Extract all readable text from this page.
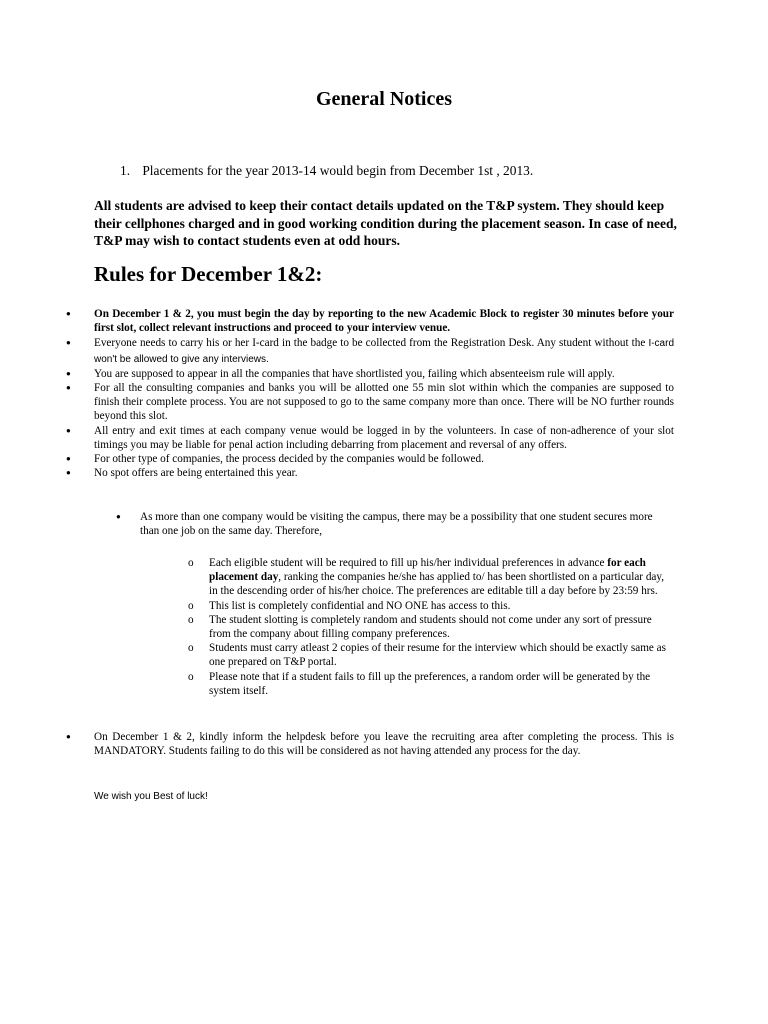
General Notices
1. Placements for the year 2013-14 would begin from December 1st , 2013.

All students are advised to keep their contact details updated on the T&P system. They should keep their cellphones charged and in good working condition during the placement season. In case of need, T&P may wish to contact students even at odd hours.

Rules for December 1&2:
● On December 1 & 2, you must begin the day by reporting to the new Academic Block to register 30 minutes before your first slot, collect relevant instructions and proceed to your interview venue.
● Everyone needs to carry his or her I-card in the badge to be collected from the Registration Desk. Any student without the I-card won't be allowed to give any interviews.
● You are supposed to appear in all the companies that have shortlisted you, failing which absenteeism rule will apply.
● For all the consulting companies and banks you will be allotted one 55 min slot within which the companies are supposed to finish their complete process. You are not supposed to go to the same company more than once. There will be NO further rounds beyond this slot.
● All entry and exit times at each company venue would be logged in by the volunteers. In case of non-adherence of your slot timings you may be liable for penal action including debarring from placement and reversal of any offers.
● For other type of companies, the process decided by the companies would be followed.
● No spot offers are being entertained this year.
● As more than one company would be visiting the campus, there may be a possibility that one student secures more than one job on the same day. Therefore,
o Each eligible student will be required to fill up his/her individual preferences in advance for each placement day, ranking the companies he/she has applied to/ has been shortlisted on a particular day, in the descending order of his/her choice. The preferences are editable till a day before by 23:59 hrs.
o This list is completely confidential and NO ONE has access to this.
o The student slotting is completely random and students should not come under any sort of pressure from the company about filling company preferences.
o Students must carry atleast 2 copies of their resume for the interview which should be exactly same as one prepared on T&P portal.
o Please note that if a student fails to fill up the preferences, a random order will be generated by the system itself.
● On December 1 & 2, kindly inform the helpdesk before you leave the recruiting area after completing the process. This is MANDATORY. Students failing to do this will be considered as not having attended any process for the day.
We wish you Best of luck!
